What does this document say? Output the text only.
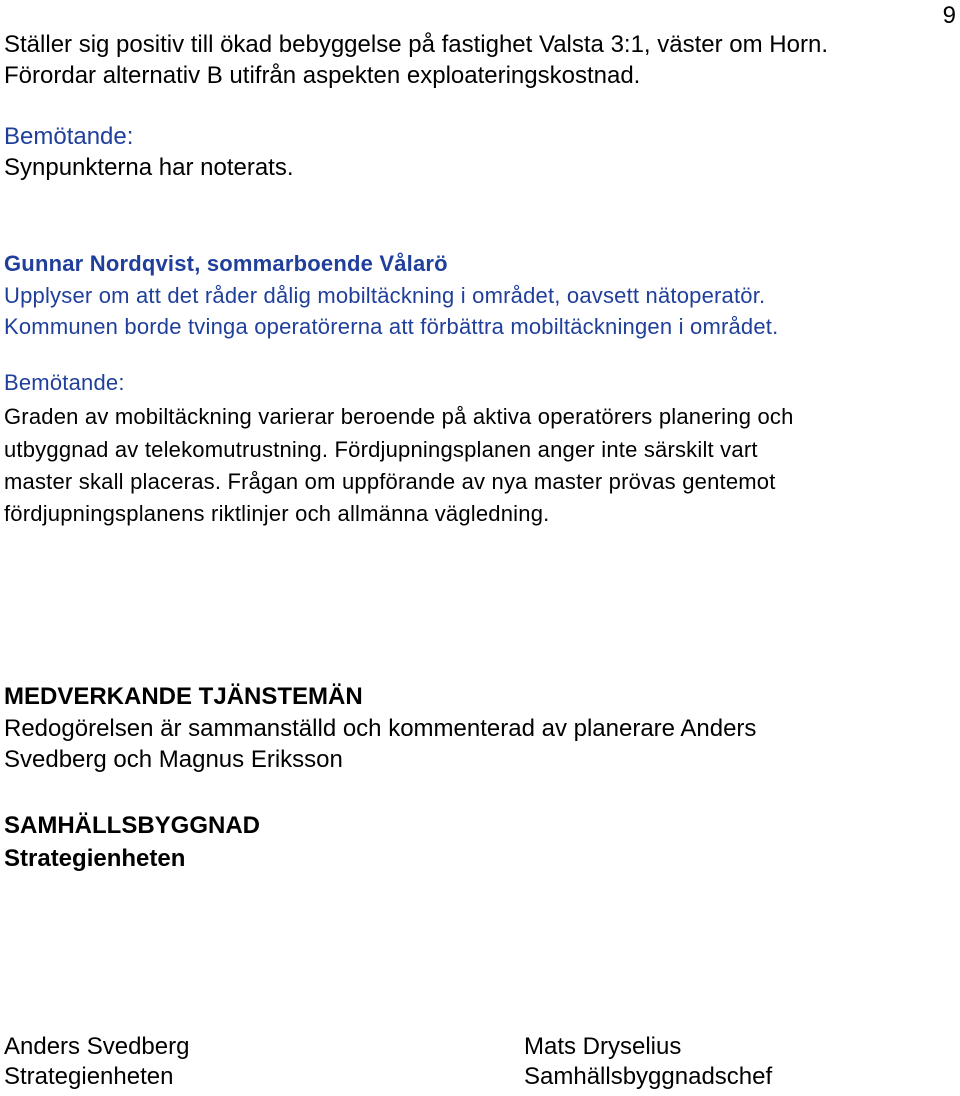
9
Ställer sig positiv till ökad bebyggelse på fastighet Valsta 3:1, väster om Horn.
Förordar alternativ B utifrån aspekten exploateringskostnad.
Bemötande:
Synpunkterna har noterats.
Gunnar Nordqvist, sommarboende Vålarö
Upplyser om att det råder dålig mobiltäckning i området, oavsett nätoperatör.
Kommunen borde tvinga operatörerna att förbättra mobiltäckningen i området.
Bemötande:
Graden av mobiltäckning varierar beroende på aktiva operatörers planering och
utbyggnad av telekomutrustning. Fördjupningsplanen anger inte särskilt vart
master skall placeras. Frågan om uppförande av nya master prövas gentemot
fördjupningsplanens riktlinjer och allmänna vägledning.
MEDVERKANDE TJÄNSTEMÄN
Redogörelsen är sammanställd och kommenterad av planerare Anders
Svedberg och Magnus Eriksson
SAMHÄLLSBYGGNAD
Strategienheten
Anders Svedberg
Strategienheten
Mats Dryselius
Samhällsbyggnadschef
